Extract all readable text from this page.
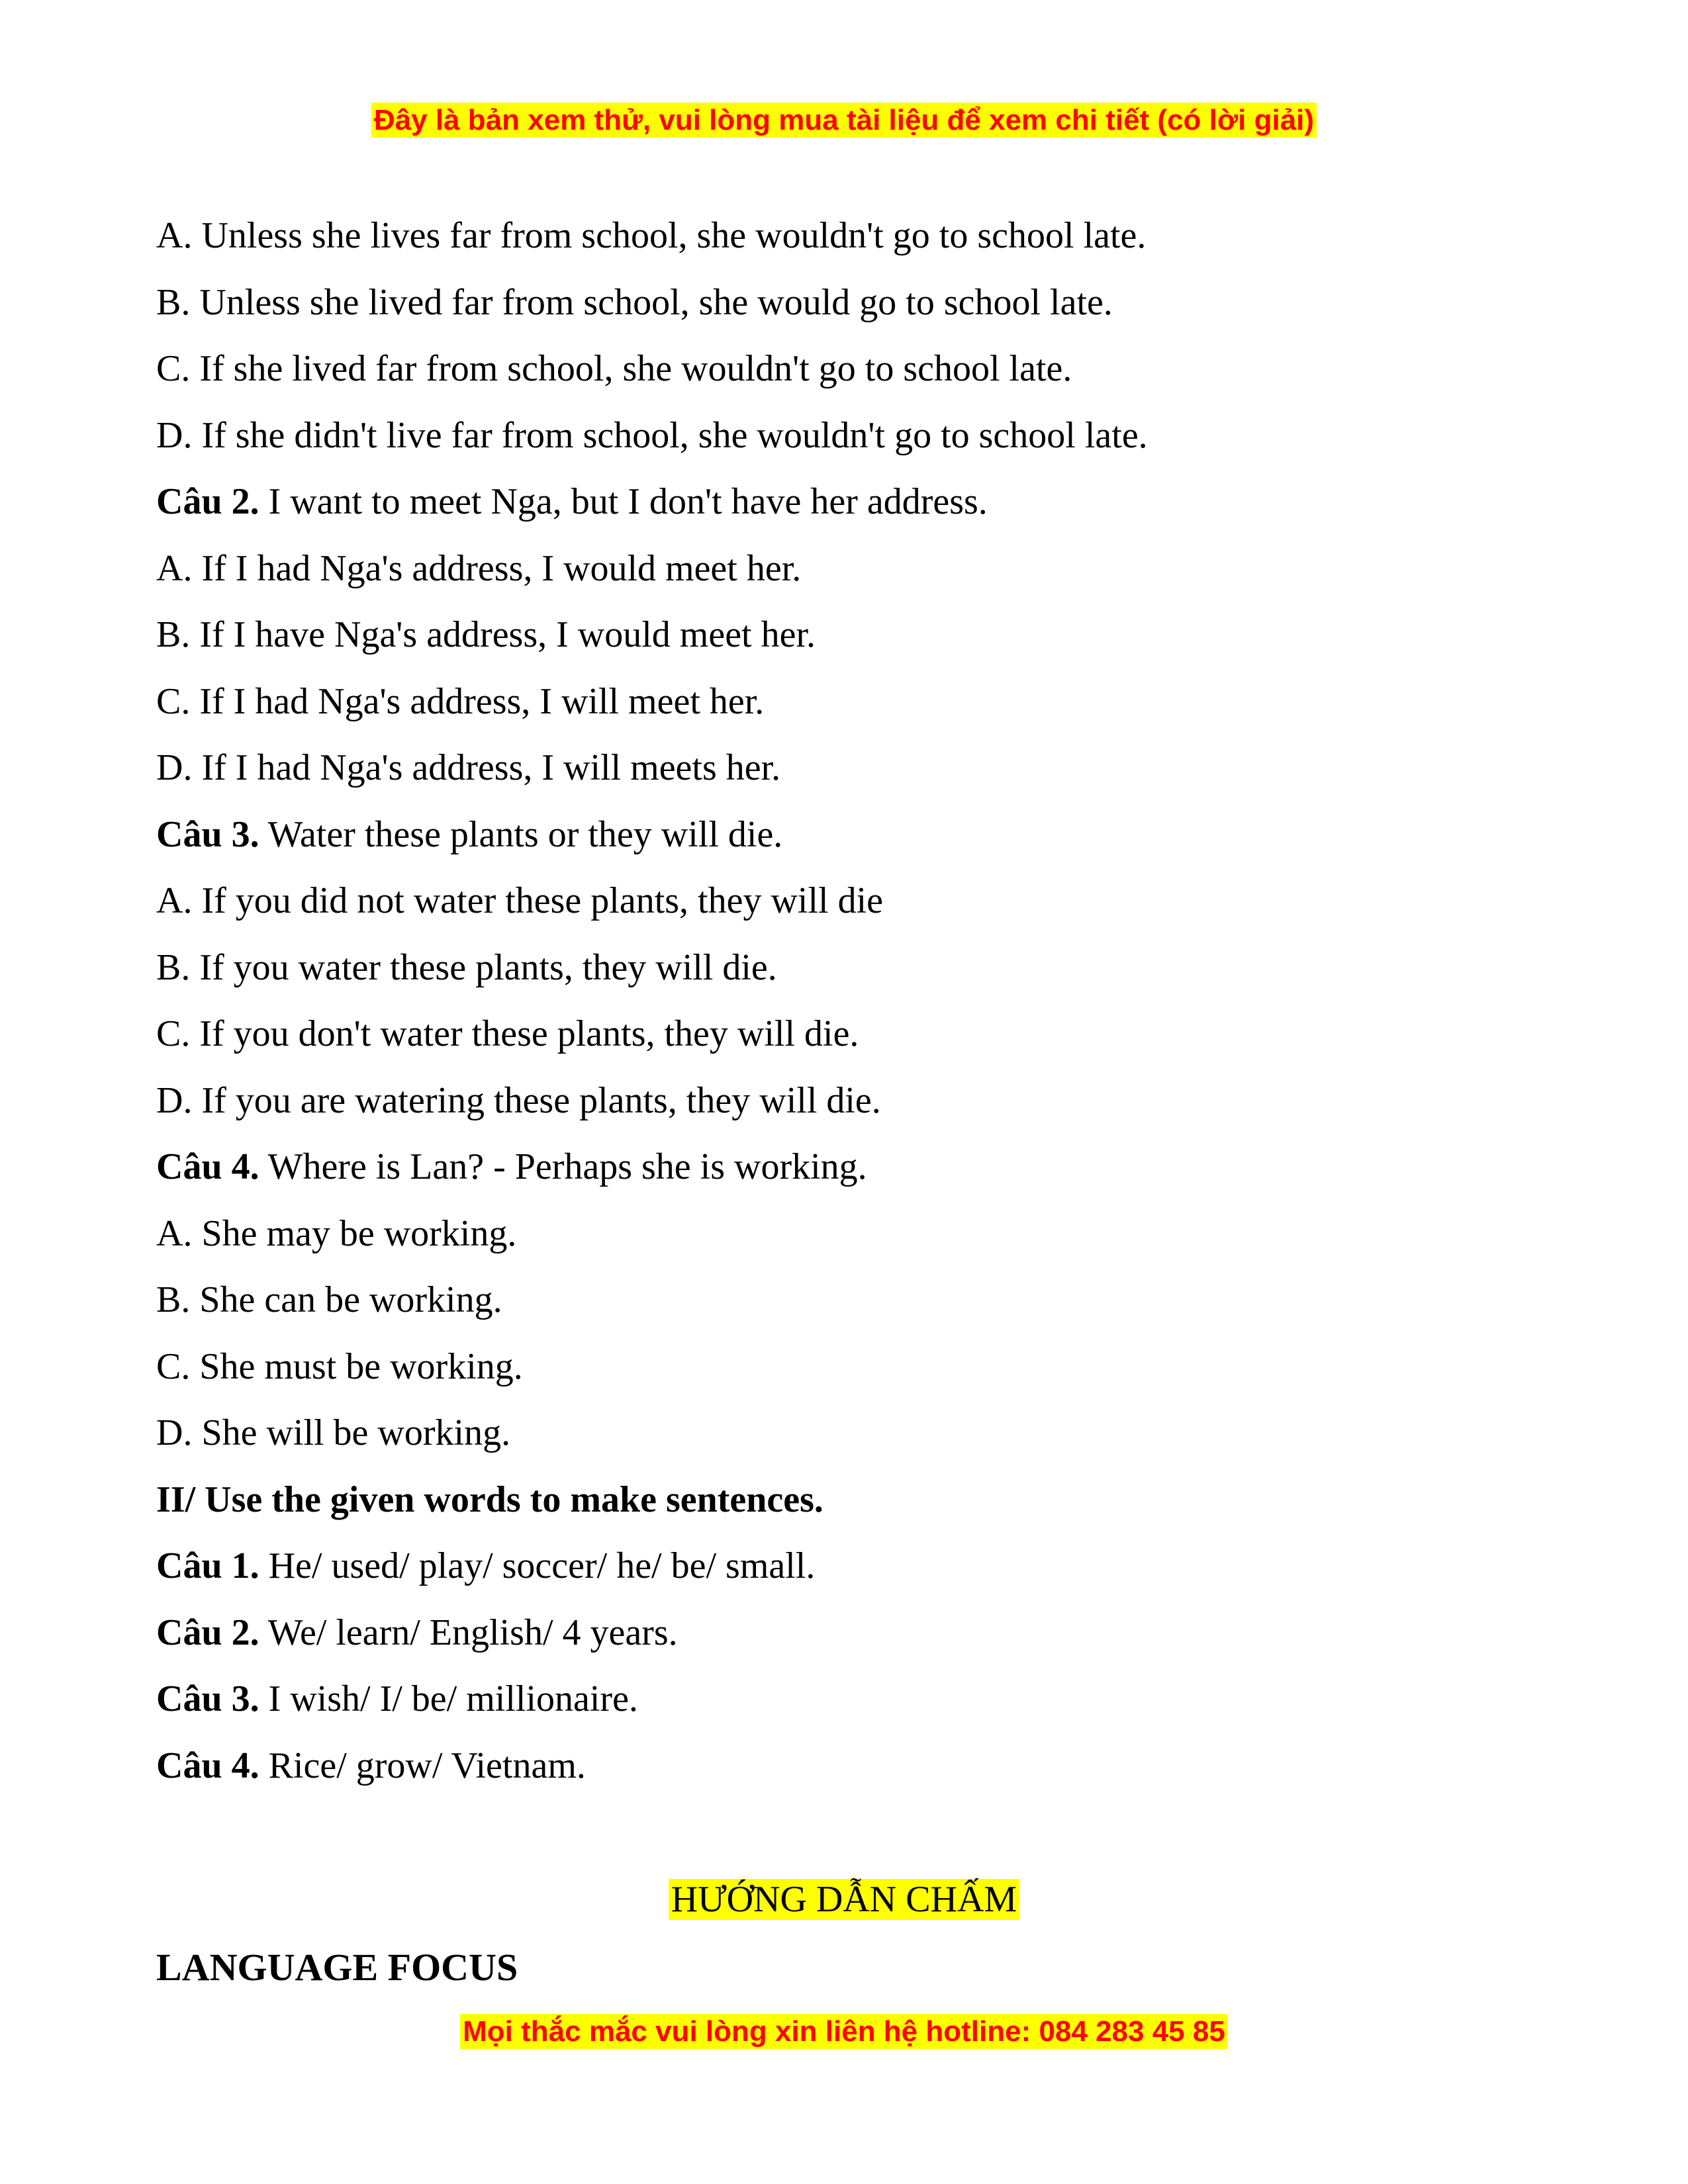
Đây là bản xem thử, vui lòng mua tài liệu để xem chi tiết (có lời giải)
A. Unless she lives far from school, she wouldn't go to school late.
B. Unless she lived far from school, she would go to school late.
C. If she lived far from school, she wouldn't go to school late.
D. If she didn't live far from school, she wouldn't go to school late.
Câu 2. I want to meet Nga, but I don't have her address.
A. If I had Nga's address, I would meet her.
B. If I have Nga's address, I would meet her.
C. If I had Nga's address, I will meet her.
D. If I had Nga's address, I will meets her.
Câu 3. Water these plants or they will die.
A. If you did not water these plants, they will die
B. If you water these plants, they will die.
C. If you don't water these plants, they will die.
D. If you are watering these plants, they will die.
Câu 4. Where is Lan? - Perhaps she is working.
A. She may be working.
B. She can be working.
C. She must be working.
D. She will be working.
II/ Use the given words to make sentences.
Câu 1. He/ used/ play/ soccer/ he/ be/ small.
Câu 2. We/ learn/ English/ 4 years.
Câu 3. I wish/ I/ be/ millionaire.
Câu 4. Rice/ grow/ Vietnam.
HƯỚNG DẪN CHẤM
LANGUAGE FOCUS
Mọi thắc mắc vui lòng xin liên hệ hotline: 084 283 45 85
